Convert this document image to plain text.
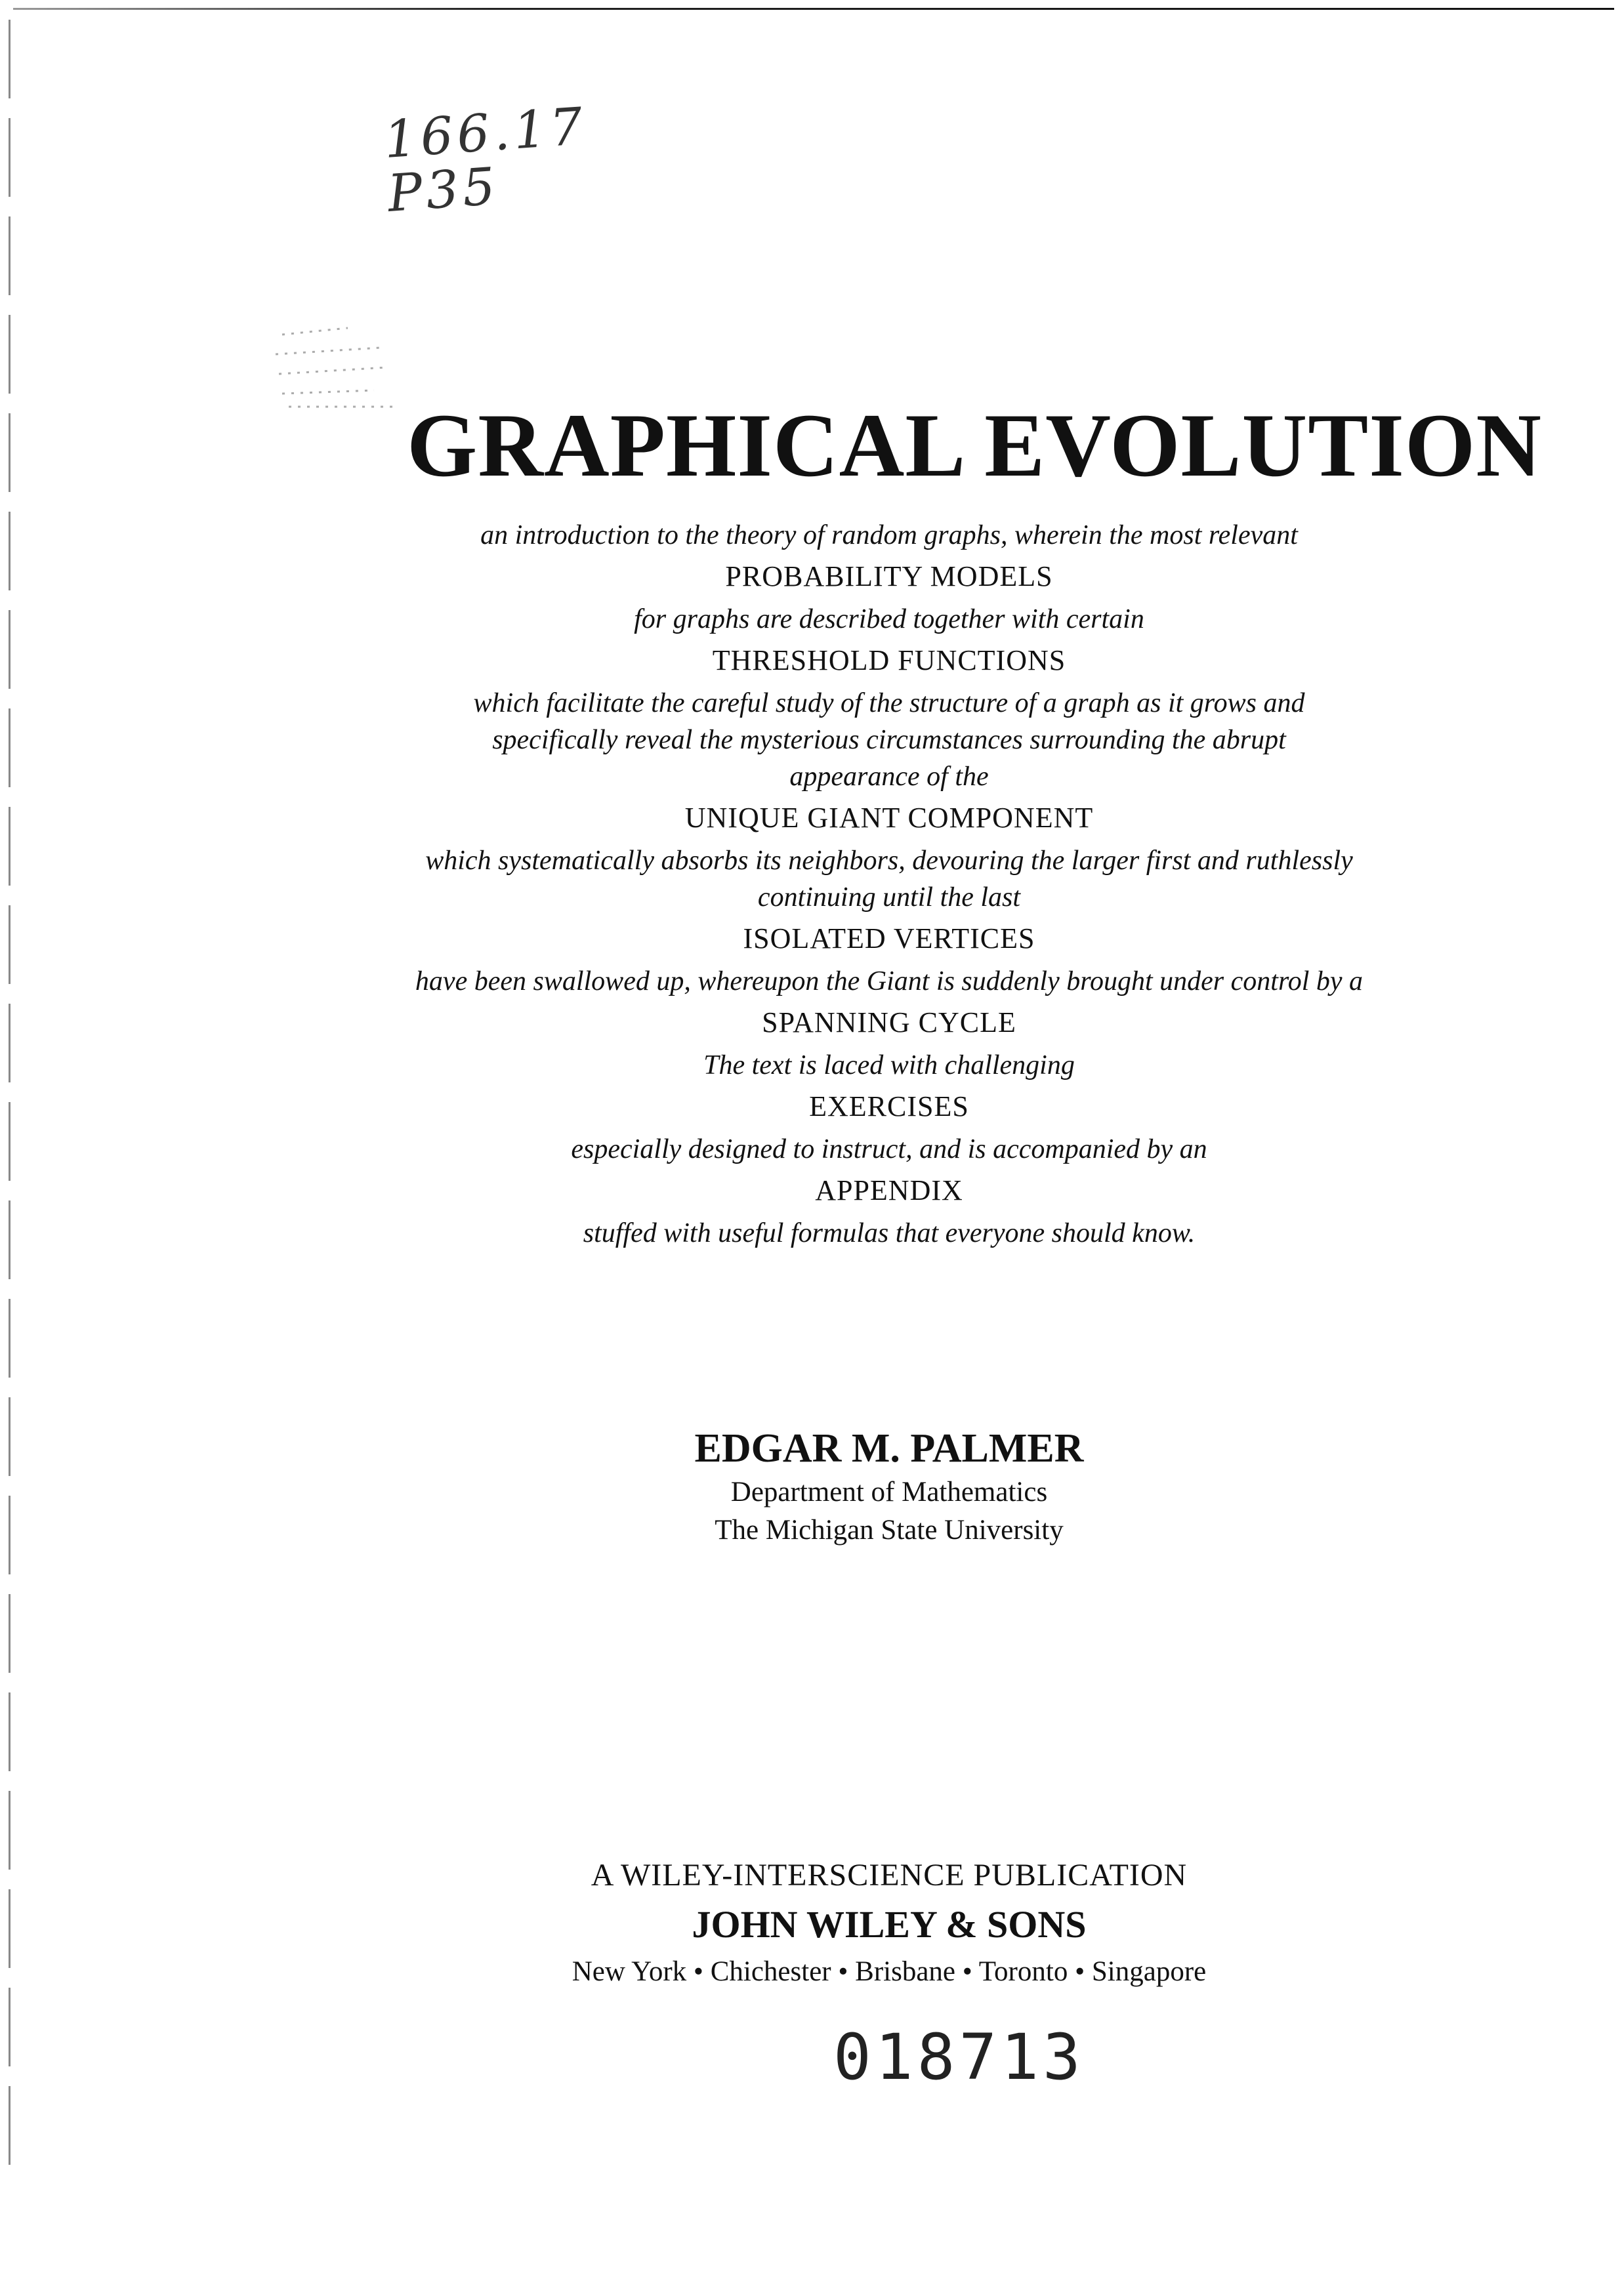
166.17
P35
GRAPHICAL EVOLUTION
an introduction to the theory of random graphs, wherein the most relevant
PROBABILITY MODELS
for graphs are described together with certain
THRESHOLD FUNCTIONS
which facilitate the careful study of the structure of a graph as it grows and specifically reveal the mysterious circumstances surrounding the abrupt appearance of the
UNIQUE GIANT COMPONENT
which systematically absorbs its neighbors, devouring the larger first and ruthlessly continuing until the last
ISOLATED VERTICES
have been swallowed up, whereupon the Giant is suddenly brought under control by a
SPANNING CYCLE
The text is laced with challenging
EXERCISES
especially designed to instruct, and is accompanied by an
APPENDIX
stuffed with useful formulas that everyone should know.
EDGAR M. PALMER
Department of Mathematics
The Michigan State University
A WILEY-INTERSCIENCE PUBLICATION
JOHN WILEY & SONS
New York • Chichester • Brisbane • Toronto • Singapore
018713
